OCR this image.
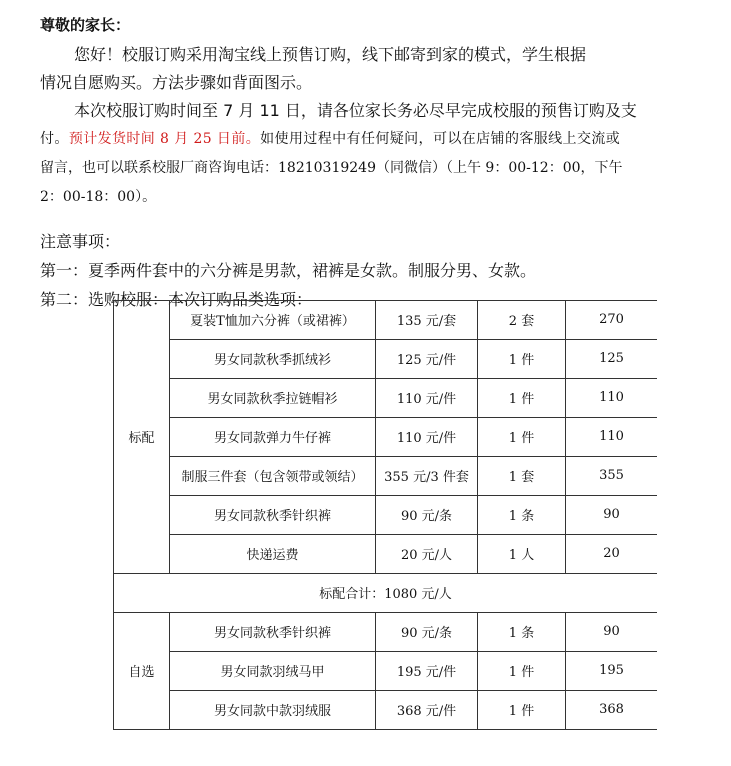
尊敬的家长：
您好！校服订购采用淘宝线上预售订购，线下邮寄到家的模式，学生根据
情况自愿购买。方法步骤如背面图示。
本次校服订购时间至 7 月 11 日，请各位家长务必尽早完成校服的预售订购及支
付。预计发货时间 8 月 25 日前。如使用过程中有任何疑问，可以在店铺的客服线上交流或
留言，也可以联系校服厂商咨询电话：18210319249（同微信）（上午 9：00-12：00，下午
2：00-18：00）。
注意事项：
第一：夏季两件套中的六分裤是男款，裙裤是女款。制服分男、女款。
第二：选购校服：本次订购品类选项：

标配	夏装T恤加六分裤（或裙裤）	135 元/套	2 套	270
	男女同款秋季抓绒衫	125 元/件	1 件	125
	男女同款秋季拉链帽衫	110 元/件	1 件	110
	男女同款弹力牛仔裤	110 元/件	1 件	110
	制服三件套（包含领带或领结）	355 元/3 件套	1 套	355
	男女同款秋季针织裤	90 元/条	1 条	90
	快递运费	20 元/人	1 人	20
标配合计：1080 元/人				
自选	男女同款秋季针织裤	90 元/条	1 条	90
	男女同款羽绒马甲	195 元/件	1 件	195
	男女同款中款羽绒服	368 元/件	1 件	368
